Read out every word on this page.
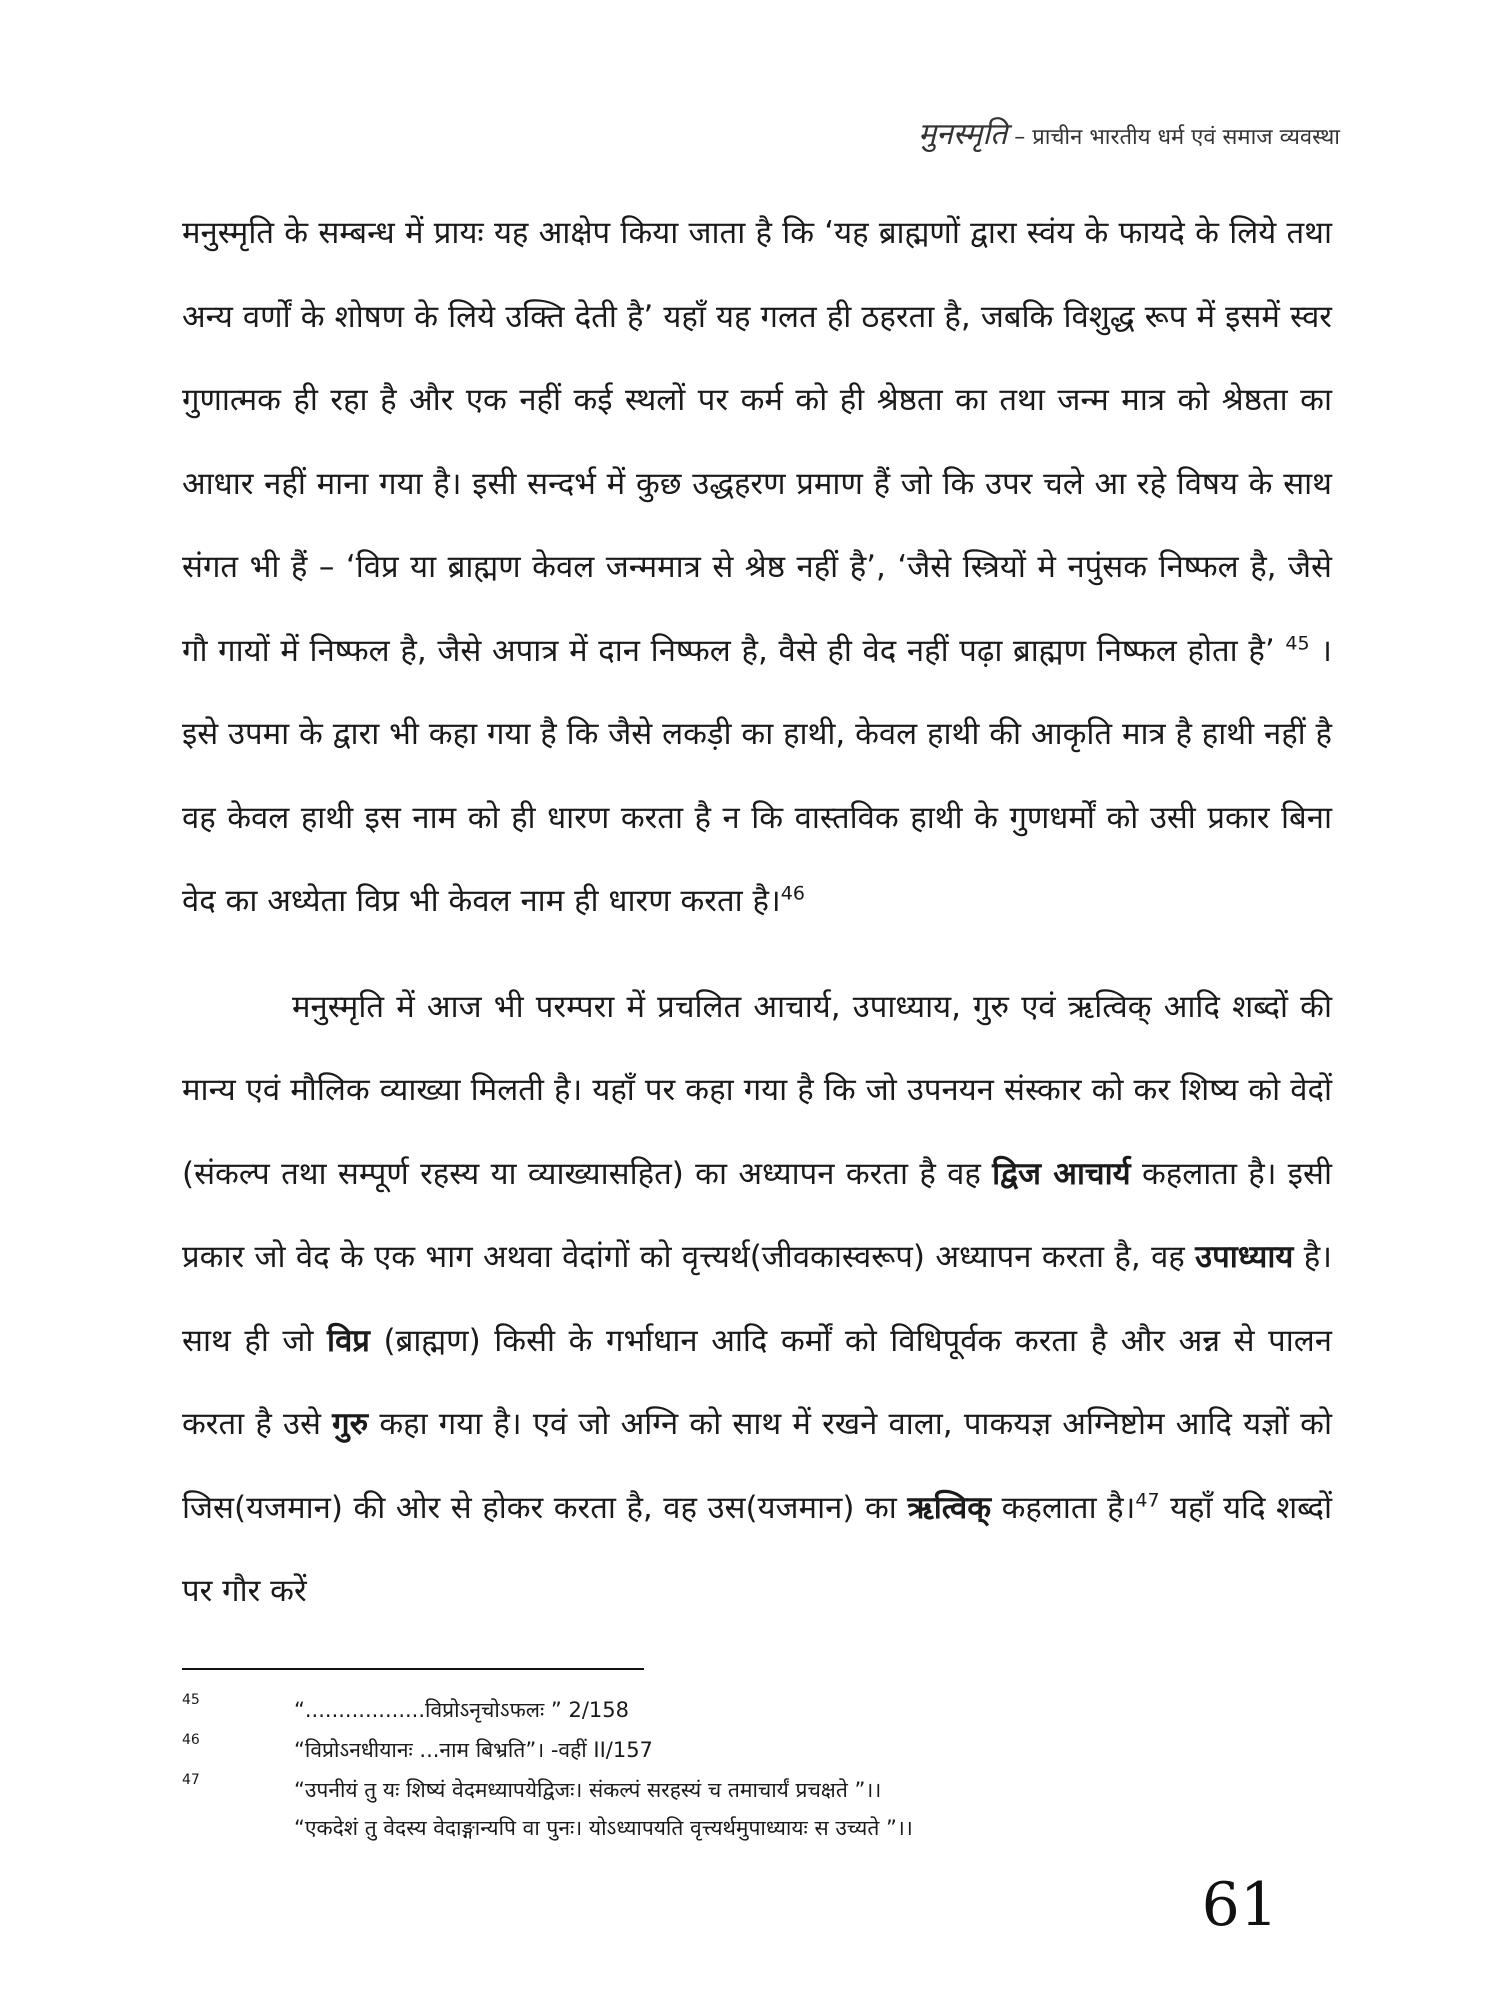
मुनस्मृति – प्राचीन भारतीय धर्म एवं समाज व्यवस्था

मनुस्मृति के सम्बन्ध में प्रायः यह आक्षेप किया जाता है कि ‘यह ब्राह्मणों द्वारा स्वंय के फायदे के लिये तथा अन्य वर्णों के शोषण के लिये उक्ति देती है’ यहाँ यह गलत ही ठहरता है, जबकि विशुद्ध रूप में इसमें स्वर गुणात्मक ही रहा है और एक नहीं कई स्थलों पर कर्म को ही श्रेष्ठता का तथा जन्म मात्र को श्रेष्ठता का आधार नहीं माना गया है। इसी सन्दर्भ में कुछ उद्धहरण प्रमाण हैं जो कि उपर चले आ रहे विषय के साथ संगत भी हैं – ‘विप्र या ब्राह्मण केवल जन्ममात्र से श्रेष्ठ नहीं है’, ‘जैसे स्त्रियों मे नपुंसक निष्फल है, जैसे गौ गायों में निष्फल है, जैसे अपात्र में दान निष्फल है, वैसे ही वेद नहीं पढ़ा ब्राह्मण निष्फल होता है’ $^{45}$ । इसे उपमा के द्वारा भी कहा गया है कि जैसे लकड़ी का हाथी, केवल हाथी की आकृति मात्र है हाथी नहीं है वह केवल हाथी इस नाम को ही धारण करता है न कि वास्तविक हाथी के गुणधर्मों को उसी प्रकार बिना वेद का अध्येता विप्र भी केवल नाम ही धारण करता है।$^{46}$

मनुस्मृति में आज भी परम्परा में प्रचलित आचार्य, उपाध्याय, गुरु एवं ऋत्विक् आदि शब्दों की मान्य एवं मौलिक व्याख्या मिलती है। यहाँ पर कहा गया है कि जो उपनयन संस्कार को कर शिष्य को वेदों (संकल्प तथा सम्पूर्ण रहस्य या व्याख्यासहित) का अध्यापन करता है वह द्विज आचार्य कहलाता है। इसी प्रकार जो वेद के एक भाग अथवा वेदांगों को वृत्त्यर्थ(जीवकास्वरूप) अध्यापन करता है, वह उपाध्याय है। साथ ही जो विप्र (ब्राह्मण) किसी के गर्भाधान आदि कर्मों को विधिपूर्वक करता है और अन्न से पालन करता है उसे गुरु कहा गया है। एवं जो अग्नि को साथ में रखने वाला, पाकयज्ञ अग्निष्टोम आदि यज्ञों को जिस(यजमान) की ओर से होकर करता है, वह उस(यजमान) का ऋत्विक् कहलाता है।$^{47}$ यहाँ यदि शब्दों पर गौर करें

45	“..................विप्रोऽनृचोऽफलः ” 2/158
46	“विप्रोऽनधीयानः ...नाम बिभ्रति”। -वहीं II/157
47	“उपनीयं तु यः शिष्यं वेदमध्यापयेद्विजः। संकल्पं सरहस्यं च तमाचार्यं प्रचक्षते ”।।
“एकदेशं तु वेदस्य वेदाङ्गान्यपि वा पुनः। योऽध्यापयति वृत्त्यर्थमुपाध्यायः स उच्यते ”।।
61
